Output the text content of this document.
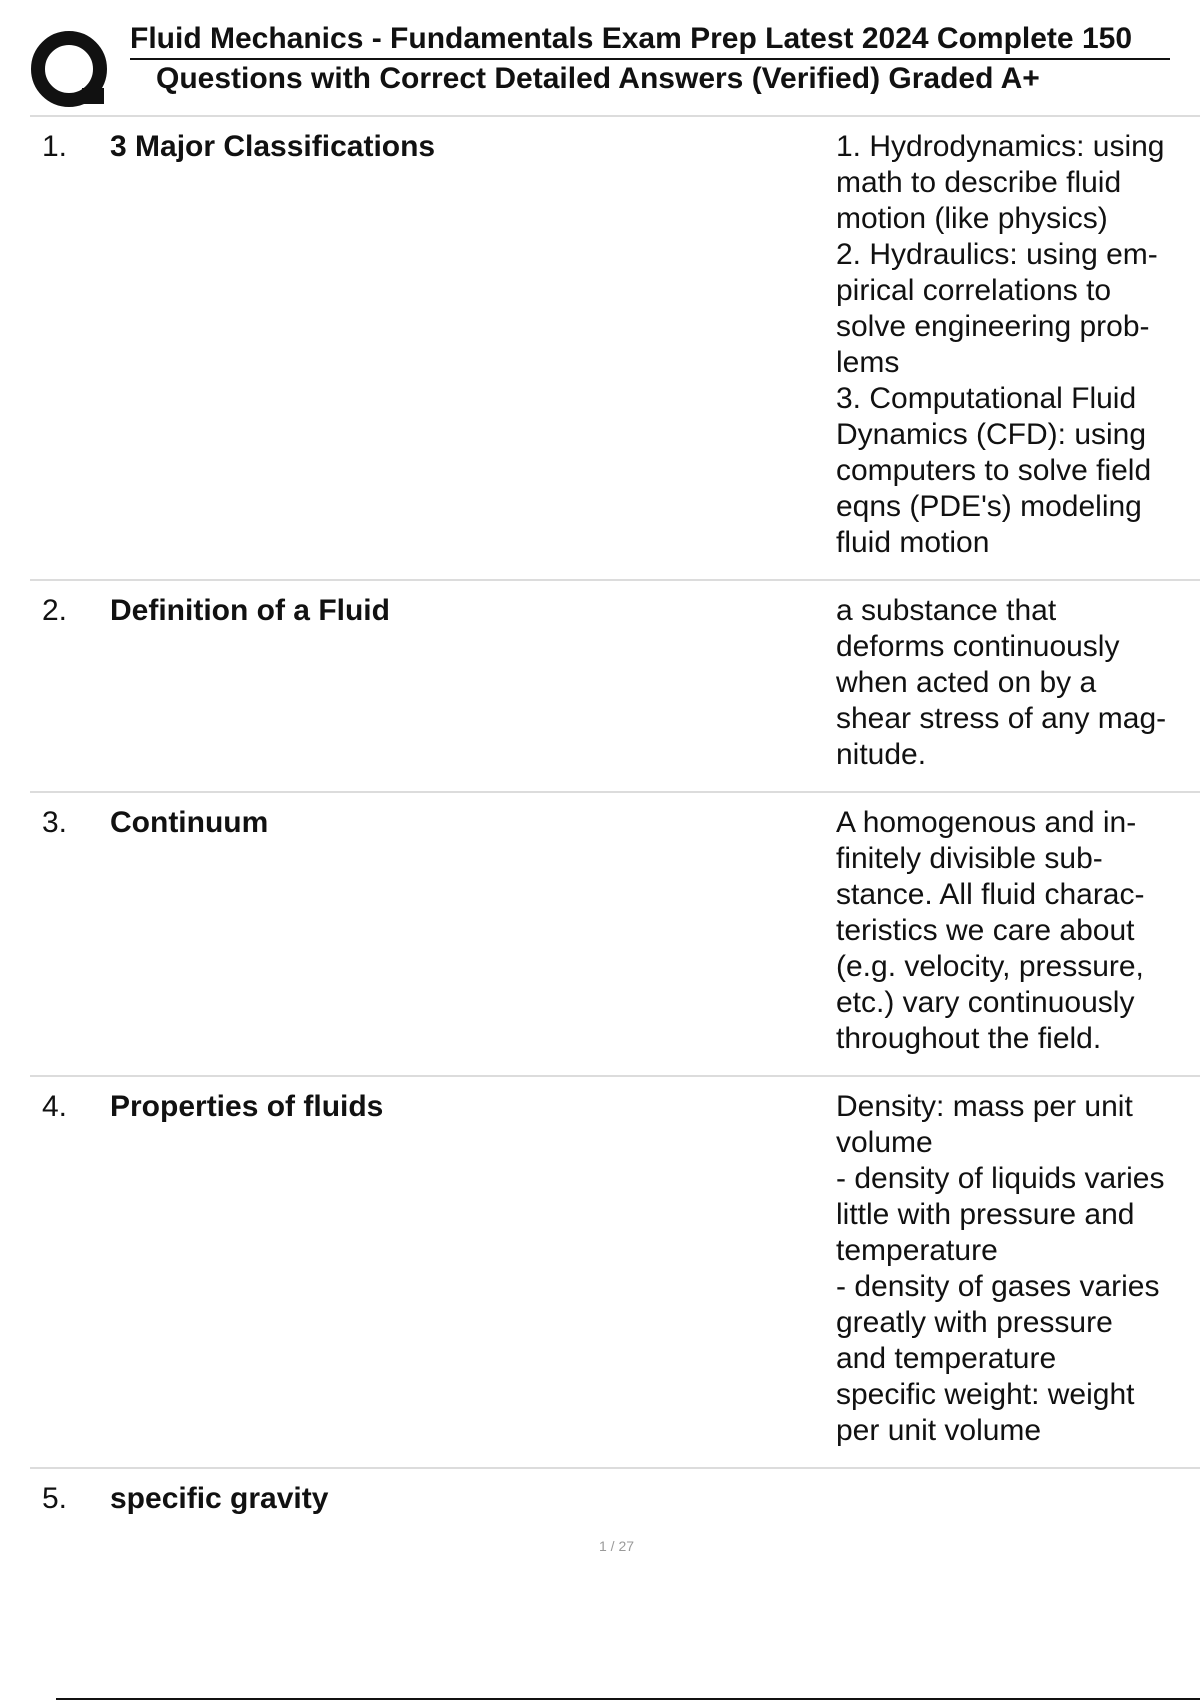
Fluid Mechanics - Fundamentals Exam Prep Latest 2024 Complete 150
Questions with Correct Detailed Answers (Verified) Graded A+
1. 3 Major Classifications	1. Hydrodynamics: using
math to describe fluid
motion (like physics)
2. Hydraulics: using em-
pirical correlations to
solve engineering prob-
lems
3. Computational Fluid
Dynamics (CFD): using
computers to solve field
eqns (PDE's) modeling
fluid motion
2. Definition of a Fluid	a substance that
deforms continuously
when acted on by a
shear stress of any mag-
nitude.
3. Continuum	A homogenous and in-
finitely divisible sub-
stance. All fluid charac-
teristics we care about
(e.g. velocity, pressure,
etc.) vary continuously
throughout the field.
4. Properties of fluids	Density: mass per unit
volume
- density of liquids varies
little with pressure and
temperature
- density of gases varies
greatly with pressure
and temperature
specific weight: weight
per unit volume
5. specific gravity
1 / 27
